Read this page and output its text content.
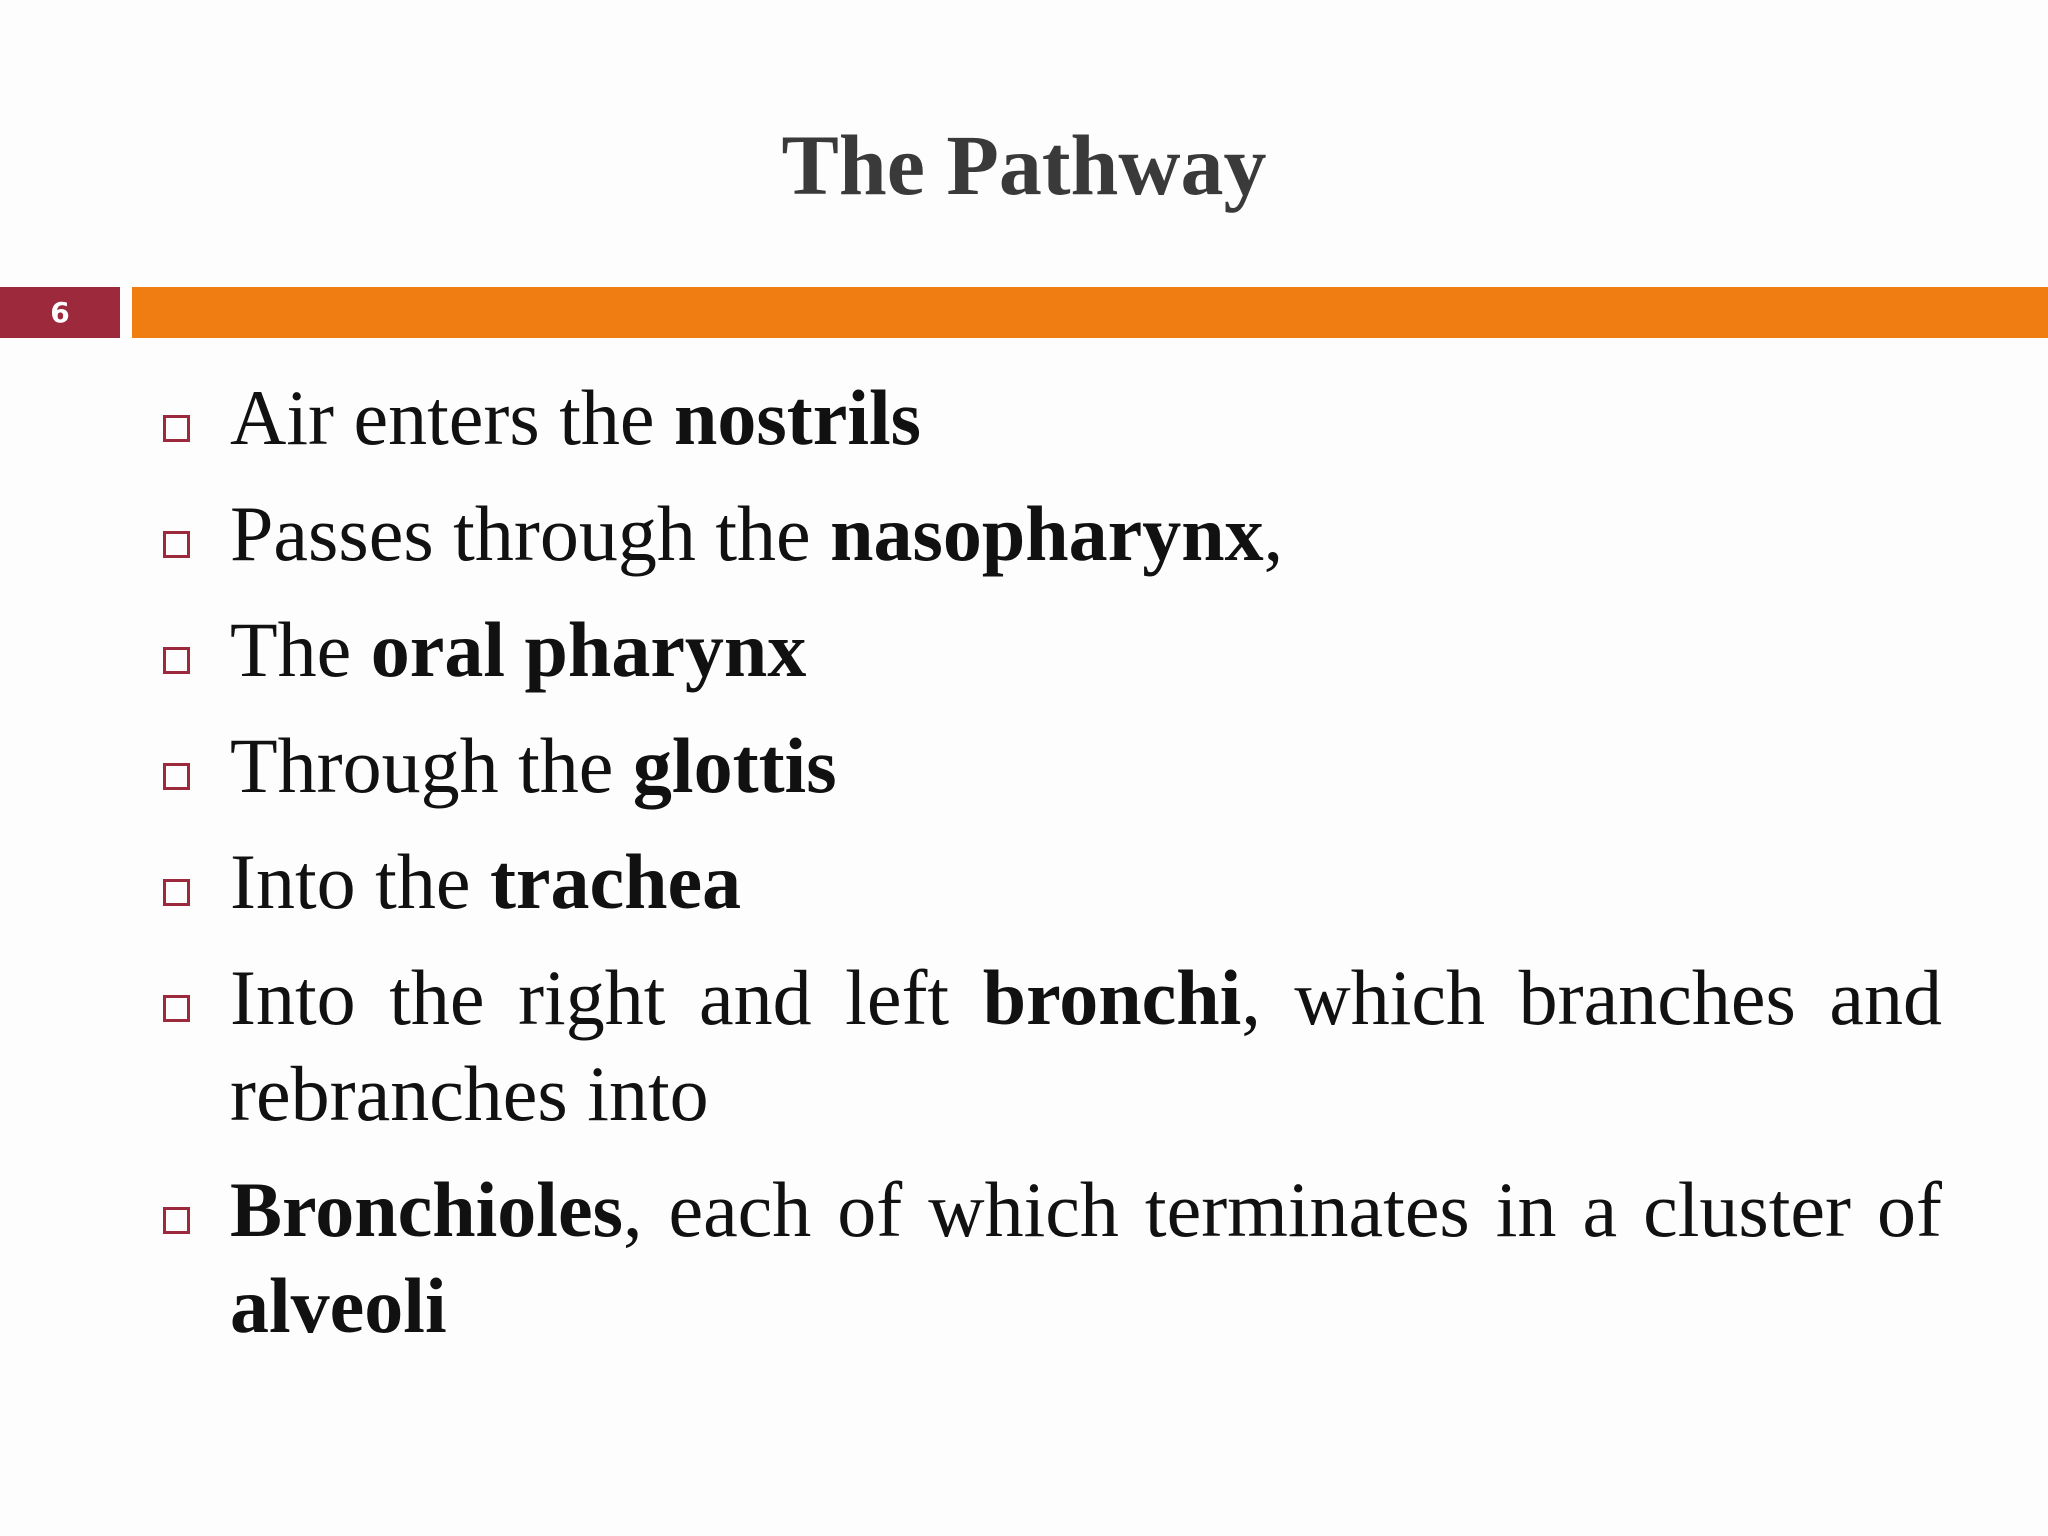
The Pathway
6
Air enters the nostrils
Passes through the nasopharynx,
The oral pharynx
Through the glottis
Into the trachea
Into the right and left bronchi, which branches and rebranches into
Bronchioles, each of which terminates in a cluster of alveoli
